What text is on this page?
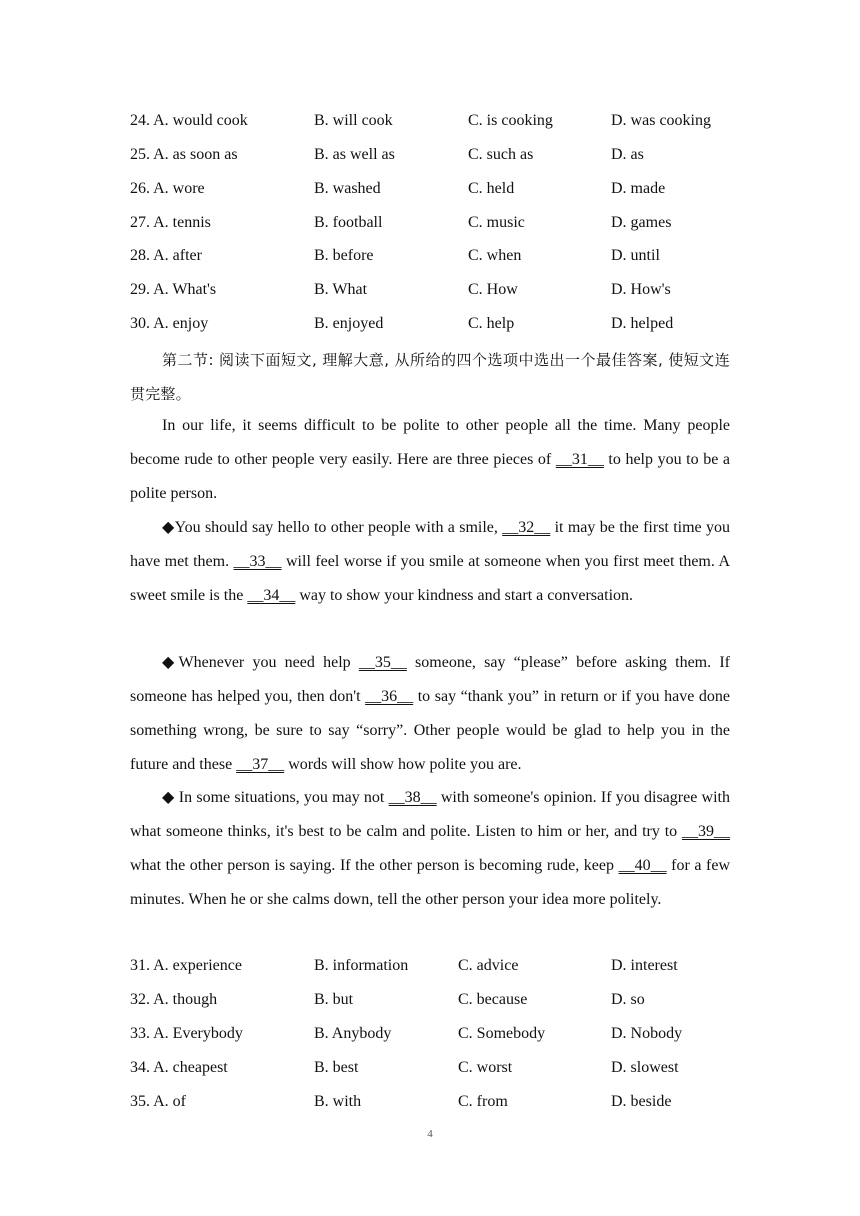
24. A. would cook	B. will cook	C. is cooking	D. was cooking
25. A. as soon as	B. as well as	C. such as	D. as
26. A. wore	B. washed	C. held	D. made
27. A. tennis	B. football	C. music	D. games
28. A. after	B. before	C. when	D. until
29. A. What's	B. What	C. How	D. How's
30. A. enjoy	B. enjoyed	C. help	D. helped

第二节: 阅读下面短文, 理解大意, 从所给的四个选项中选出一个最佳答案, 使短文连贯完整。

In our life, it seems difficult to be polite to other people all the time. Many people become rude to other people very easily. Here are three pieces of __31__ to help you to be a polite person.

◆You should say hello to other people with a smile, __32__ it may be the first time you have met them. __33__ will feel worse if you smile at someone when you first meet them. A sweet smile is the __34__ way to show your kindness and start a conversation.

◆Whenever you need help __35__ someone, say “please” before asking them. If someone has helped you, then don't __36__ to say “thank you” in return or if you have done something wrong, be sure to say “sorry”. Other people would be glad to help you in the future and these __37__ words will show how polite you are.

◆ In some situations, you may not __38__ with someone's opinion. If you disagree with what someone thinks, it's best to be calm and polite. Listen to him or her, and try to __39__ what the other person is saying. If the other person is becoming rude, keep __40__ for a few minutes. When he or she calms down, tell the other person your idea more politely.

31. A. experience	B. information	C. advice	D. interest
32. A. though	B. but	C. because	D. so
33. A. Everybody	B. Anybody	C. Somebody	D. Nobody
34. A. cheapest	B. best	C. worst	D. slowest
35. A. of	B. with	C. from	D. beside
4
